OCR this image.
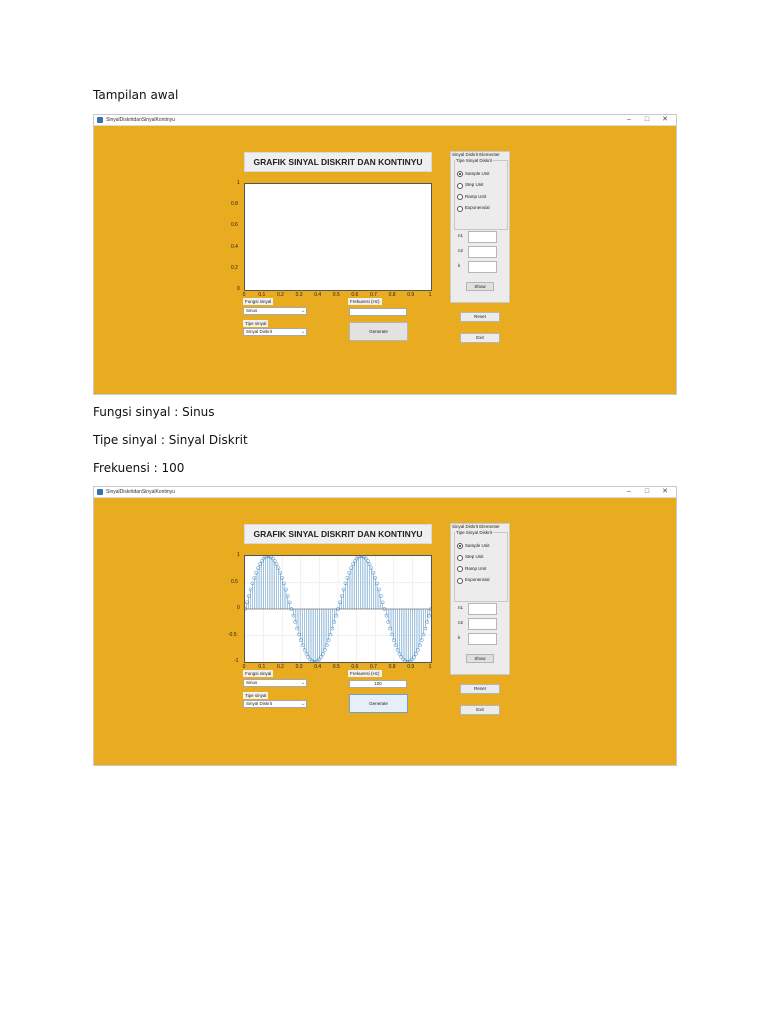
Tampilan awal
Fungsi sinyal : Sinus
Tipe sinyal : Sinyal Diskrit
Frekuensi : 100
SinyalDiskritdanSinyalKontinyu	–	□	✕
GRAFIK SINYAL DISKRIT DAN KONTINYU
0
0.2
0.4
0.6
0.8
1
0	0.1 0.2 0.3 0.4 0.5 0.6 0.7 0.8 0.9	1
Fungsi sinyal
Sinus	⌄
Tipe sinyal
Sinyal Diskrit	⌄
Frekuensi (Hz)
Generate
Sinyal Diskrit Elementer
Tipe Sinyal Diskrit
Sample Unit
Step Unit
Ramp Unit
Exponensial
n1
n2
k
Show
Reset
Exit
SinyalDiskritdanSinyalKontinyu	–	□	✕
GRAFIK SINYAL DISKRIT DAN KONTINYU
-1
-0.5
0
0.5
1
0	0.1 0.2 0.3 0.4 0.5 0.6 0.7 0.8 0.9	1
Fungsi sinyal
Sinus	⌄
Tipe sinyal
Sinyal Diskrit	⌄
Frekuensi (Hz)
100
Generate
Sinyal Diskrit Elementer
Tipe Sinyal Diskrit
Sample Unit
Step Unit
Ramp Unit
Exponensial
n1
n2
k
Show
Reset
Exit
